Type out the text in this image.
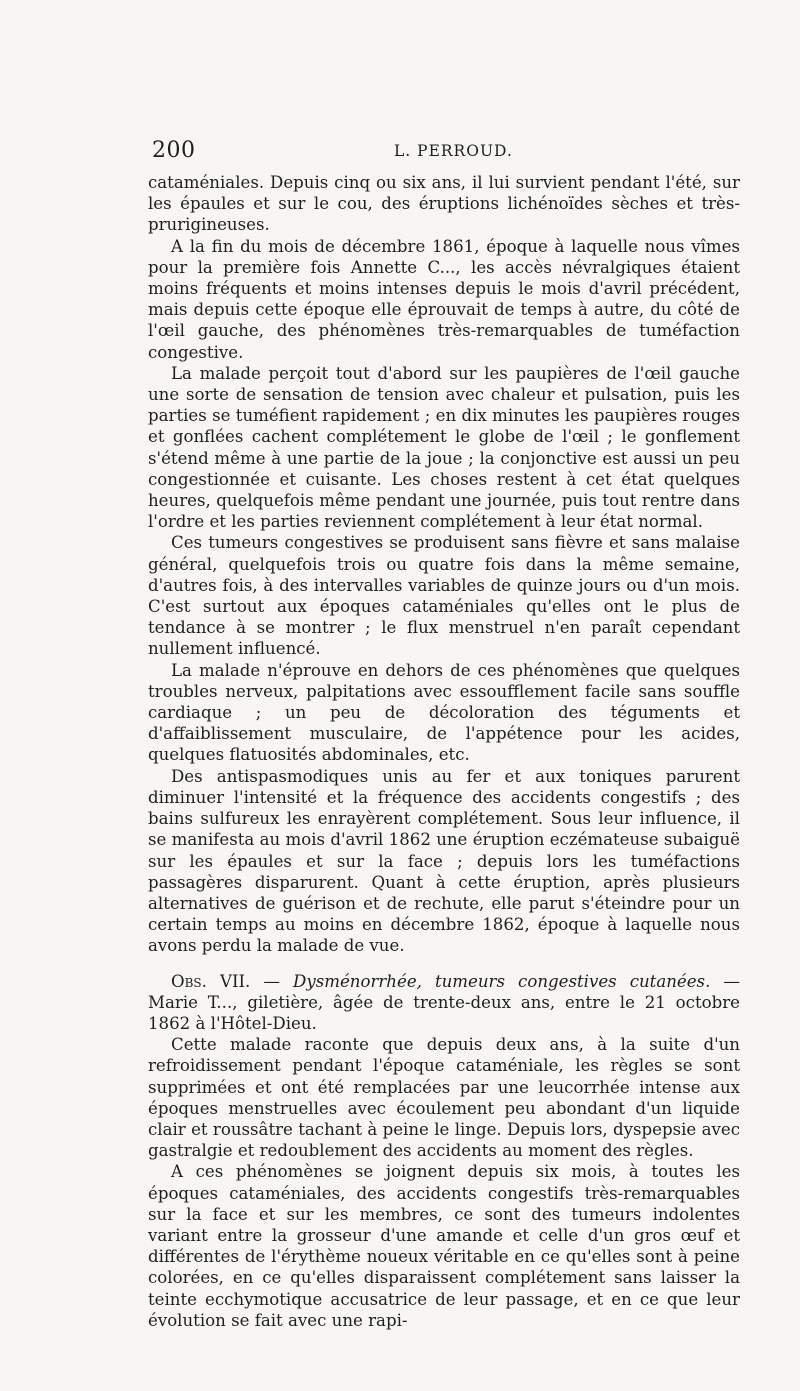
200	L. PERROUD.

cataméniales. Depuis cinq ou six ans, il lui survient pendant l'été, sur les épaules et sur le cou, des éruptions lichénoïdes sèches et très-prurigineuses.

A la fin du mois de décembre 1861, époque à laquelle nous vîmes pour la première fois Annette C..., les accès névralgiques étaient moins fréquents et moins intenses depuis le mois d'avril précédent, mais depuis cette époque elle éprouvait de temps à autre, du côté de l'œil gauche, des phénomènes très-remarquables de tuméfaction congestive.

La malade perçoit tout d'abord sur les paupières de l'œil gauche une sorte de sensation de tension avec chaleur et pulsation, puis les parties se tuméfient rapidement ; en dix minutes les paupières rouges et gonflées cachent complétement le globe de l'œil ; le gonflement s'étend même à une partie de la joue ; la conjonctive est aussi un peu congestionnée et cuisante. Les choses restent à cet état quelques heures, quelquefois même pendant une journée, puis tout rentre dans l'ordre et les parties reviennent complétement à leur état normal.

Ces tumeurs congestives se produisent sans fièvre et sans malaise général, quelquefois trois ou quatre fois dans la même semaine, d'autres fois, à des intervalles variables de quinze jours ou d'un mois. C'est surtout aux époques cataméniales qu'elles ont le plus de tendance à se montrer ; le flux menstruel n'en paraît cependant nullement influencé.

La malade n'éprouve en dehors de ces phénomènes que quelques troubles nerveux, palpitations avec essoufflement facile sans souffle cardiaque ; un peu de décoloration des téguments et d'affaiblissement musculaire, de l'appétence pour les acides, quelques flatuosités abdominales, etc.

Des antispasmodiques unis au fer et aux toniques parurent diminuer l'intensité et la fréquence des accidents congestifs ; des bains sulfureux les enrayèrent complétement. Sous leur influence, il se manifesta au mois d'avril 1862 une éruption eczémateuse subaiguë sur les épaules et sur la face ; depuis lors les tuméfactions passagères disparurent. Quant à cette éruption, après plusieurs alternatives de guérison et de rechute, elle parut s'éteindre pour un certain temps au moins en décembre 1862, époque à laquelle nous avons perdu la malade de vue.

Obs. VII. — Dysménorrhée, tumeurs congestives cutanées. — Marie T..., giletière, âgée de trente-deux ans, entre le 21 octobre 1862 à l'Hôtel-Dieu.

Cette malade raconte que depuis deux ans, à la suite d'un refroidissement pendant l'époque cataméniale, les règles se sont supprimées et ont été remplacées par une leucorrhée intense aux époques menstruelles avec écoulement peu abondant d'un liquide clair et roussâtre tachant à peine le linge. Depuis lors, dyspepsie avec gastralgie et redoublement des accidents au moment des règles.

A ces phénomènes se joignent depuis six mois, à toutes les époques cataméniales, des accidents congestifs très-remarquables sur la face et sur les membres, ce sont des tumeurs indolentes variant entre la grosseur d'une amande et celle d'un gros œuf et différentes de l'érythème noueux véritable en ce qu'elles sont à peine colorées, en ce qu'elles disparaissent complétement sans laisser la teinte ecchymotique accusatrice de leur passage, et en ce que leur évolution se fait avec une rapi-
